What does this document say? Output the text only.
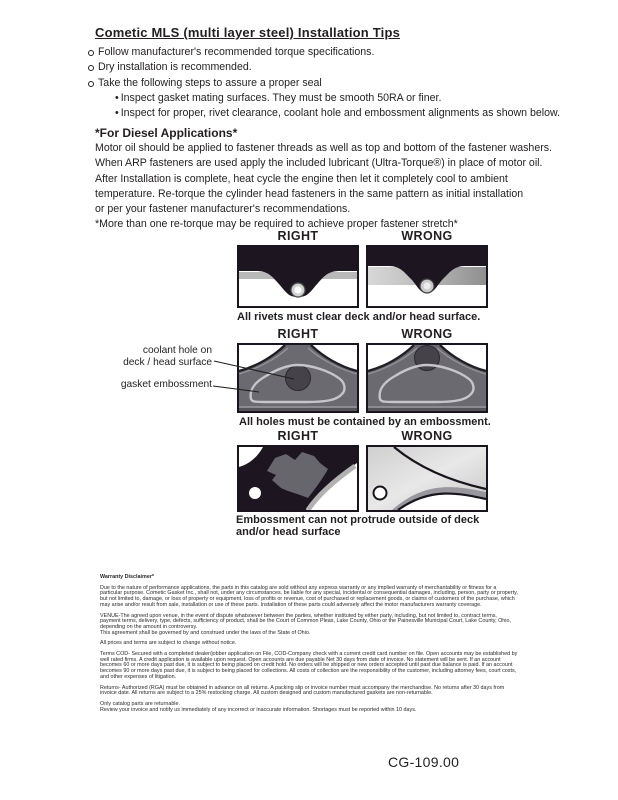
Cometic MLS (multi layer steel) Installation Tips
Follow manufacturer's recommended torque specifications.
Dry installation is recommended.
Take the following steps to assure a proper seal
• Inspect gasket mating surfaces. They must be smooth 50RA or finer.
• Inspect for proper, rivet clearance, coolant hole and embossment alignments as shown below.
*For Diesel Applications*
Motor oil should be applied to fastener threads as well as top and bottom of the fastener washers.
When ARP fasteners are used apply the included lubricant (Ultra-Torque®) in place of motor oil.
After Installation is complete, heat cycle the engine then let it completely cool to ambient
temperature. Re-torque the cylinder head fasteners in the same pattern as initial installation
or per your fastener manufacturer's recommendations.
*More than one re-torque may be required to achieve proper fastener stretch*
RIGHT	WRONG
All rivets must clear deck and/or head surface.
RIGHT	WRONG
coolant hole on
deck / head surface
gasket embossment
All holes must be contained by an embossment.
RIGHT	WRONG
Embossment can not protrude outside of deck
and/or head surface
Warranty Disclaimer*
Due to the nature of performance applications, the parts in this catalog are sold without any express warranty or any implied warranty of merchantability or fitness for a particular purpose. Cometic Gasket Inc., shall not, under any circumstances, be liable for any special, incidental or consequential damages, including, person, party or property, but not limited to, damage, or loss of property or equipment, loss of profits or revenue, cost of purchased or replacement goods, or claims of customers of the purchase, which may arise and/or result from sale, installation or use of these parts. Installation of these parts could adversely affect the motor manufacturers warranty coverage.
VENUE-The agreed upon venue, in the event of dispute whatsoever between the parties, whether instituted by either party, including, but not limited to, contract terms, payment terms, delivery, type, defects, sufficiency of product, shall be the Court of Common Pleas, Lake County, Ohio or the Painesville Municipal Court, Lake County, Ohio, depending on the amount in controversy.
This agreement shall be governed by and construed under the laws of the State of Ohio.
All prices and terms are subject to change without notice.
Terms COD- Secured with a completed dealer/jobber application on File, COD-Company check with a current credit card number on file. Open accounts may be established by well rated firms. A credit application is available upon request. Open accounts are due payable Net 30 days from date of invoice. No statement will be sent. If an account becomes 60 or more days past due, it is subject to being placed on credit hold. No orders will be shipped or new orders accepted until past due balance is paid. If an account becomes 90 or more days past due, it is subject to being placed for collections. All costs of collection are the responsibility of the customer, including attorney fees, court costs, and other expenses of litigation.
Returns- Authorized (RGA) must be obtained in advance on all returns. A packing slip or invoice number must accompany the merchandise. No returns after 30 days from invoice date. All returns are subject to a 25% restocking charge. All custom designed and custom manufactured gaskets are non-returnable.
Only catalog parts are returnable.
Review your invoice and notify us immediately of any incorrect or inaccurate information. Shortages must be reported within 10 days.
CG-109.00
